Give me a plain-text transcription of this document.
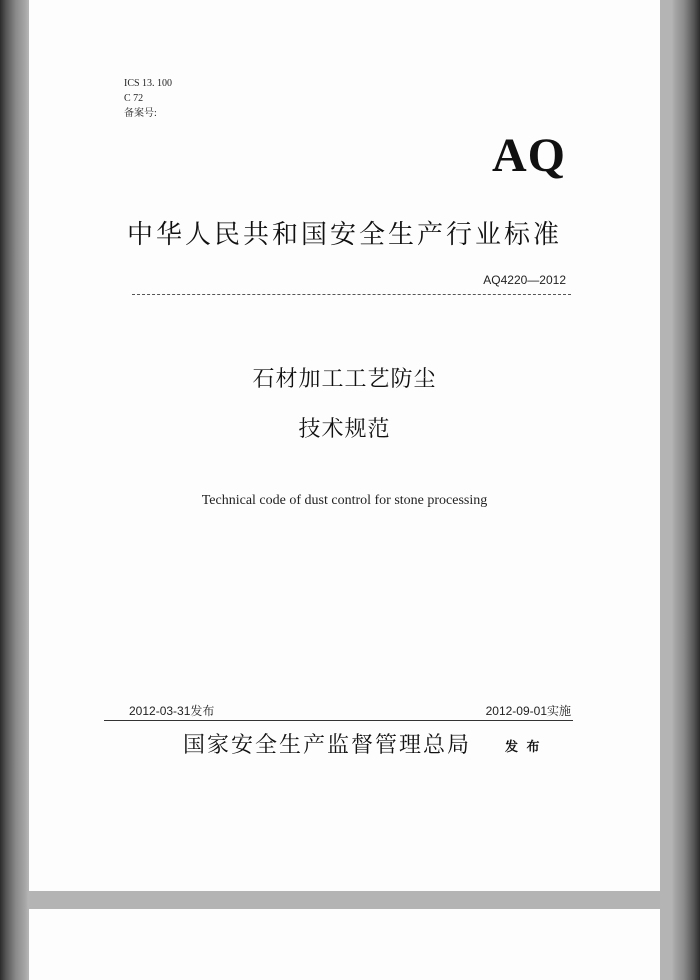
ICS 13. 100
C 72
备案号:
AQ
中华人民共和国安全生产行业标准
AQ4220—2012
石材加工工艺防尘
技术规范
Technical code of dust control for stone processing
2012-03-31发布	2012-09-01实施
国家安全生产监督管理总局	发 布
